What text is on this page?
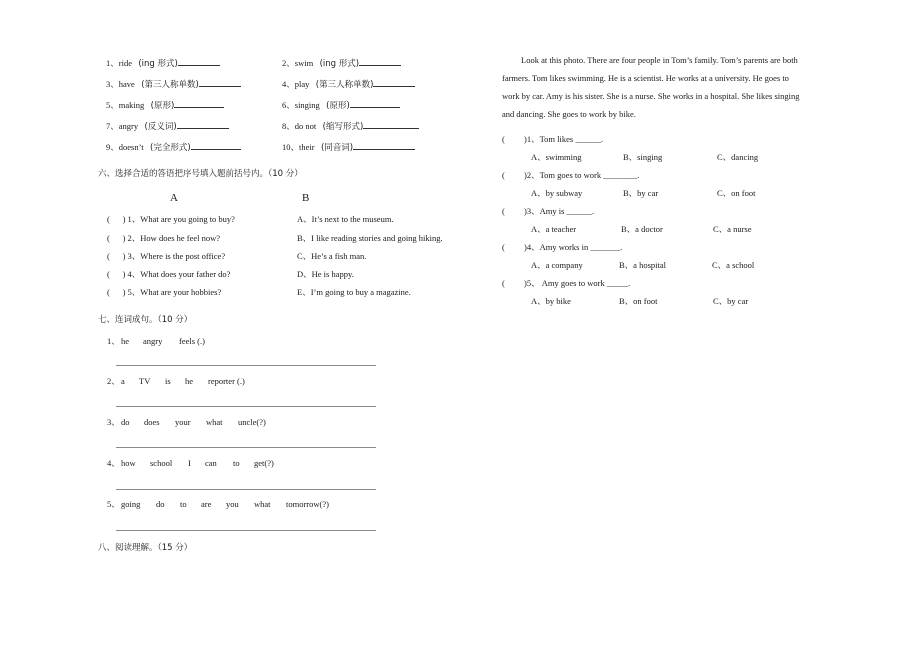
1、ride (ing 形式)	2、swim (ing 形式)
3、have (第三人称单数)	4、play (第三人称单数)
5、making (原形)	6、singing (原形)
7、angry (反义词)	8、do not (缩写形式)
9、doesn’t (完全形式)	10、their (同音词)
六、选择合适的答语把序号填入题前括号内。（10 分）
A	B
(      ) 1、What are you going to buy?	A、It’s next to the museum.
(      ) 2、How does he feel now?	B、I like reading stories and going hiking.
(      ) 3、Where is the post office?	C、He’s a fish man.
(      ) 4、What does your father do?	D、He is happy.
(      ) 5、What are your hobbies?	E、I’m going to buy a magazine.
七、连词成句。（10 分）
1、 he angry feels (.)
2、 a TV is he reporter (.)
3、 do does your what uncle(?)
4、 how school I can to get(?)
5、 going do to are you what tomorrow(?)
八、阅读理解。（15 分）
Look at this photo. There are four people in Tom’s family. Tom’s parents are both
farmers. Tom likes swimming. He is a scientist. He works at a university. He goes to
work by car. Amy is his sister. She is a nurse. She works in a hospital. She likes singing
and dancing. She goes to work by bike.
( )1、Tom likes ______.
A、swimming	B、singing	C、dancing
( )2、Tom goes to work ________.
A、by subway	B、by car	C、on foot
( )3、Amy is ______.
A、a teacher	B、a doctor	C、a nurse
( )4、Amy works in _______.
A、a company	B、a hospital	C、a school
( )5、 Amy goes to work _____.
A、by bike	B、on foot	C、by car
